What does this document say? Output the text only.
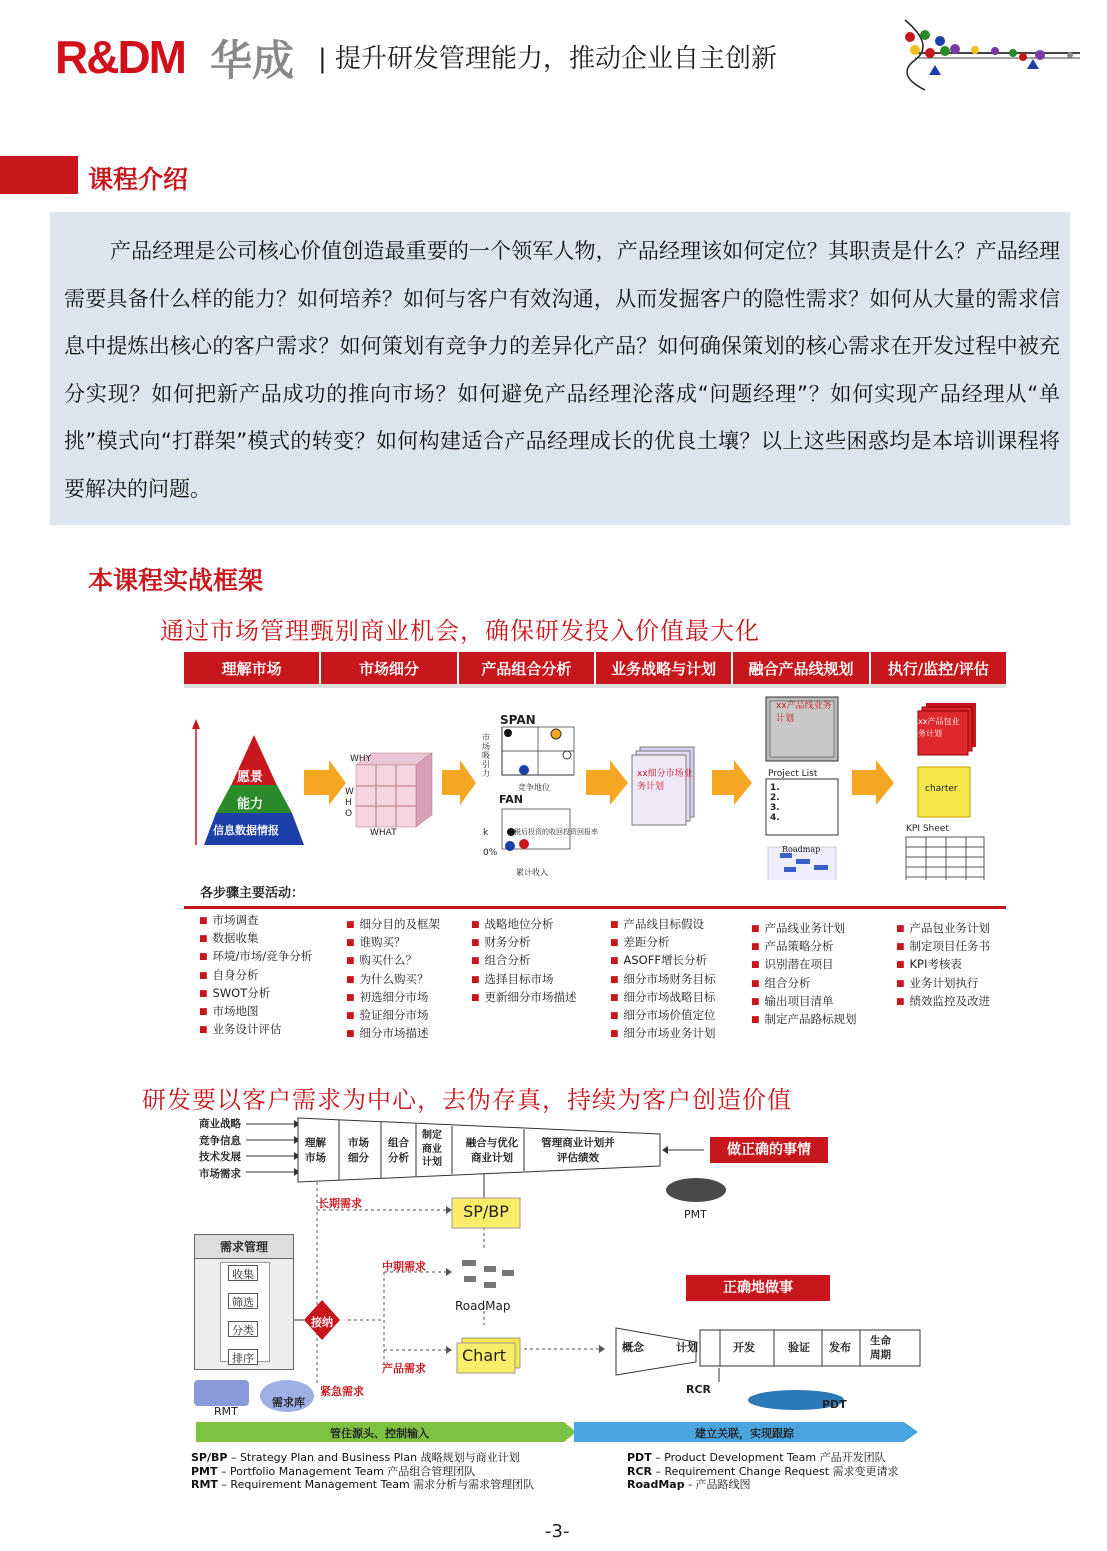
R&DM 华成 | 提升研发管理能力，推动企业自主创新
课程介绍
产品经理是公司核心价值创造最重要的一个领军人物，产品经理该如何定位？其职责是什么？产品经理需要具备什么样的能力？如何培养？如何与客户有效沟通，从而发掘客户的隐性需求？如何从大量的需求信息中提炼出核心的客户需求？如何策划有竞争力的差异化产品？如何确保策划的核心需求在开发过程中被充分实现？如何把新产品成功的推向市场？如何避免产品经理沦落成“问题经理”？如何实现产品经理从“单挑”模式向“打群架”模式的转变？如何构建适合产品经理成长的优良土壤？以上这些困惑均是本培训课程将要解决的问题。
本课程实战框架
通过市场管理甄别商业机会，确保研发投入价值最大化
理解市场	市场细分	产品组合分析	业务战略与计划	融合产品线规划	执行/监控/评估
愿景
能力
信息数据情报
WHY
W
H
O
WHAT
SPAN
市场吸引力
竞争地位
FAN
k	税后投资的收回投资回报率
0%
累计收入
xx细分市场业务计划
xx产品线业务计划
Project List
1.
2.
3.
4.
Roadmap
xx产品包业务计划
charter
KPI Sheet
各步骤主要活动：
■ 市场调查
■ 数据收集
■ 环境/市场/竞争分析
■ 自身分析
■ SWOT分析
■ 市场地图
■ 业务设计评估
■ 细分目的及框架
■ 谁购买？
■ 购买什么？
■ 为什么购买？
■ 初选细分市场
■ 验证细分市场
■ 细分市场描述
■ 战略地位分析
■ 财务分析
■ 组合分析
■ 选择目标市场
■ 更新细分市场描述
■ 产品线目标假设
■ 差距分析
■ ASOFF增长分析
■ 细分市场财务目标
■ 细分市场战略目标
■ 细分市场价值定位
■ 细分市场业务计划
■ 产品线业务计划
■ 产品策略分析
■ 识别潜在项目
■ 组合分析
■ 输出项目清单
■ 制定产品路标规划
■ 产品包业务计划
■ 制定项目任务书
■ KPI考核表
■ 业务计划执行
■ 绩效监控及改进
研发要以客户需求为中心，去伪存真，持续为客户创造价值
商业战略
竞争信息
技术发展
市场需求
理解市场
市场细分
组合分析
制定商业计划
融合与优化商业计划
管理商业计划并评估绩效	做正确的事情
PMT
长期需求	SP/BP
中期需求
RoadMap
Chart
产品需求
紧急需求
需求管理
收集
筛选
分类
排序
接纳
RMT
需求库
正确地做事
概念	计划	开发	验证 发布 生命周期
RCR
PDT
管住源头、控制输入	建立关联，实现跟踪
SP/BP – Strategy Plan and Business Plan 战略规划与商业计划
PMT – Portfolio Management Team 产品组合管理团队
RMT – Requirement Management Team 需求分析与需求管理团队
PDT – Product Development Team 产品开发团队
RCR – Requirement Change Request 需求变更请求
RoadMap - 产品路线图
-3-
